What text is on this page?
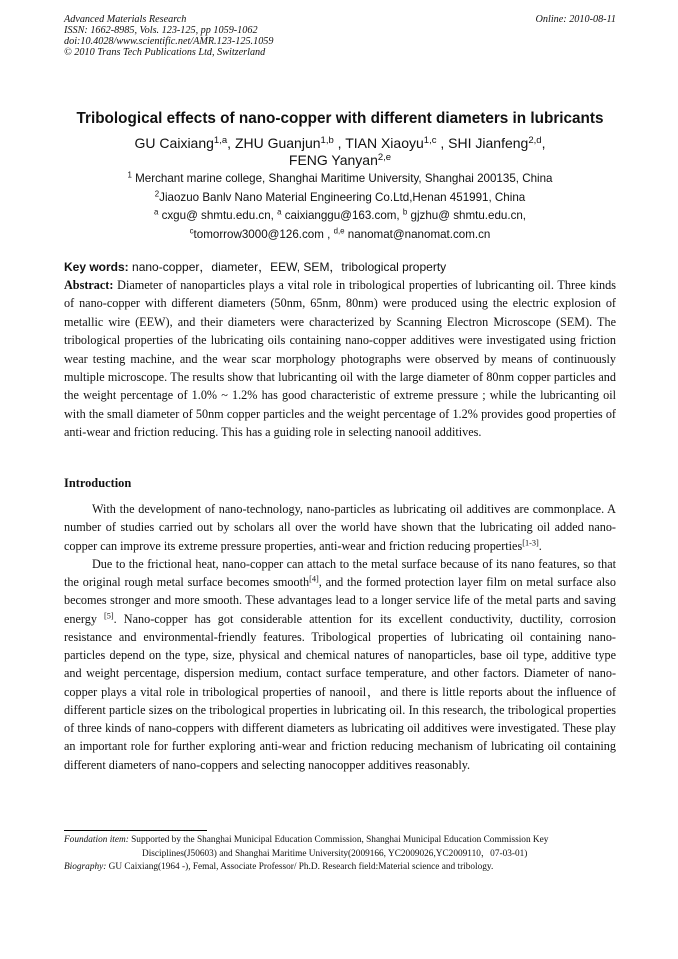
Advanced Materials Research	Online: 2010-08-11
ISSN: 1662-8985, Vols. 123-125, pp 1059-1062
doi:10.4028/www.scientific.net/AMR.123-125.1059
© 2010 Trans Tech Publications Ltd, Switzerland
Tribological effects of nano-copper with different diameters in lubricants
GU Caixiang$^{1,a}$, ZHU Guanjun$^{1,b}$ , TIAN Xiaoyu$^{1,c}$ , SHI Jianfeng$^{2,d}$,
FENG Yanyan$^{2,e}$
$^1$ Merchant marine college, Shanghai Maritime University, Shanghai 200135, China
$^2$Jiaozuo Banlv Nano Material Engineering Co.Ltd,Henan 451991, China
$^a$ cxgu@ shmtu.edu.cn, $^a$ caixianggu@163.com, $^b$ gjzhu@ shmtu.edu.cn,
$^c$tomorrow3000@126.com , $^{d,e}$ nanomat@nanomat.com.cn
Key words: nano-copper，diameter，EEW, SEM，tribological property
Abstract: Diameter of nanoparticles plays a vital role in tribological properties of lubricanting oil. Three kinds of nano-copper with different diameters (50nm, 65nm, 80nm) were produced using the electric explosion of metallic wire (EEW), and their diameters were characterized by Scanning Electron Microscope (SEM). The tribological properties of the lubricating oils containing nano-copper additives were investigated using friction wear testing machine, and the wear scar morphology photographs were observed by means of continuously multiple microscope. The results show that lubricanting oil with the large diameter of 80nm copper particles and the weight percentage of 1.0% ~ 1.2% has good characteristic of extreme pressure ; while the lubricanting oil with the small diameter of 50nm copper particles and the weight percentage of 1.2% provides good properties of anti-wear and friction reducing. This has a guiding role in selecting nanooil additives.
Introduction

With the development of nano-technology, nano-particles as lubricating oil additives are commonplace. A number of studies carried out by scholars all over the world have shown that the lubricating oil added nano-copper can improve its extreme pressure properties, anti-wear and friction reducing properties[1-3].

Due to the frictional heat, nano-copper can attach to the metal surface because of its nano features, so that the original rough metal surface becomes smooth[4], and the formed protection layer film on metal surface also becomes stronger and more smooth. These advantages lead to a longer service life of the metal parts and saving energy [5]. Nano-copper has got considerable attention for its excellent conductivity, ductility, corrosion resistance and environmental-friendly features. Tribological properties of lubricating oil containing nano-particles depend on the type, size, physical and chemical natures of nanoparticles, base oil type, additive type and weight percentage, dispersion medium, contact surface temperature, and other factors. Diameter of nano-copper plays a vital role in tribological properties of nanooil，and there is little reports about the influence of different particle sizes on the tribological properties in lubricating oil. In this research, the tribological properties of three kinds of nano-coppers with different diameters as lubricating oil additives were investigated. These play an important role for further exploring anti-wear and friction reducing mechanism of lubricating oil containing different diameters of nano-coppers and selecting nanocopper additives reasonably.

Foundation item: Supported by the Shanghai Municipal Education Commission, Shanghai Municipal Education Commission Key
Disciplines(J50603) and Shanghai Maritime University(2009166, YC2009026,YC2009110，07-03-01)
Biography: GU Caixiang(1964 -), Femal, Associate Professor/ Ph.D. Research field:Material science and tribology.
